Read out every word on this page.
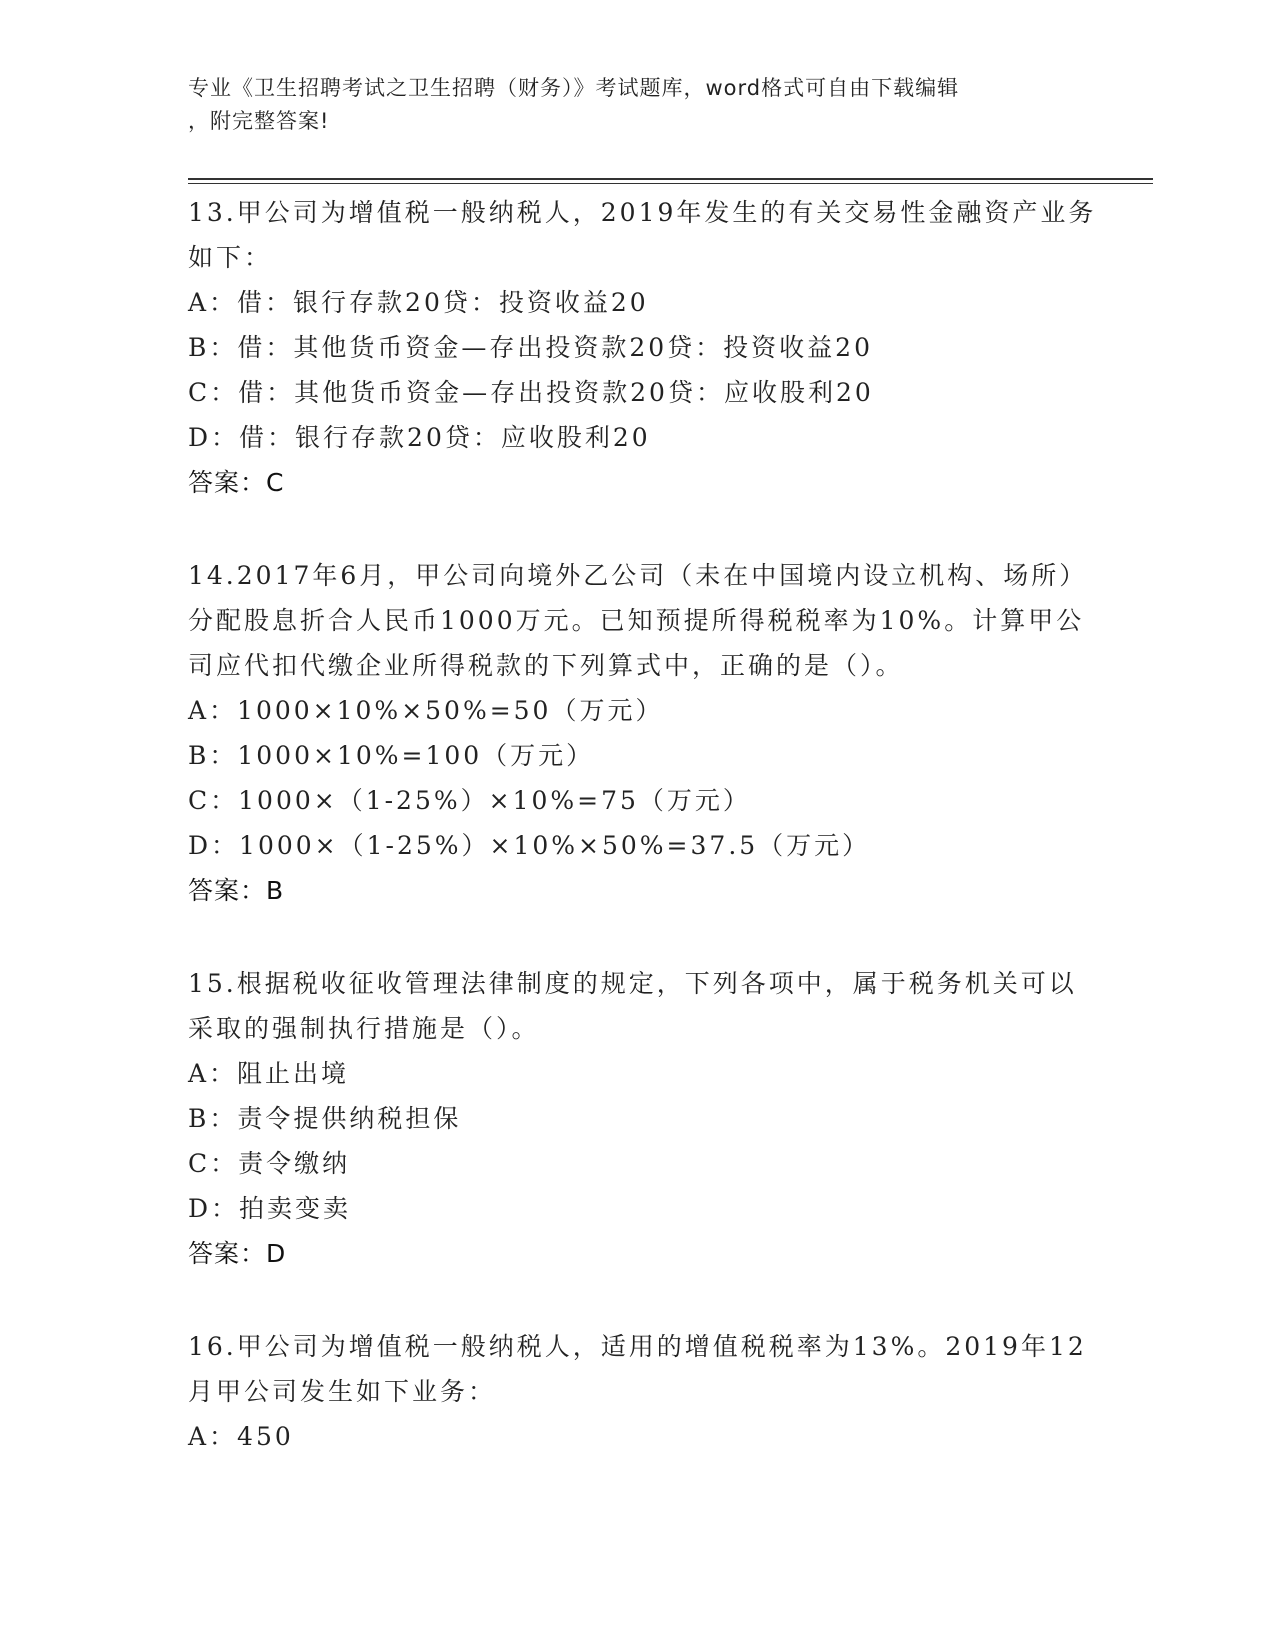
专业《卫生招聘考试之卫生招聘（财务）》考试题库，word格式可自由下载编辑
，附完整答案!

13.甲公司为增值税一般纳税人，2019年发生的有关交易性金融资产业务如下：

A：借：银行存款20贷：投资收益20

B：借：其他货币资金—存出投资款20贷：投资收益20

C：借：其他货币资金—存出投资款20贷：应收股利20

D：借：银行存款20贷：应收股利20

答案：C

14.2017年6月，甲公司向境外乙公司（未在中国境内设立机构、场所）分配股息折合人民币1000万元。已知预提所得税税率为10%。计算甲公司应代扣代缴企业所得税款的下列算式中，正确的是（）。

A：1000×10%×50%=50（万元）

B：1000×10%=100（万元）

C：1000×（1-25%）×10%=75（万元）

D：1000×（1-25%）×10%×50%=37.5（万元）

答案：B

15.根据税收征收管理法律制度的规定，下列各项中，属于税务机关可以采取的强制执行措施是（）。

A：阻止出境

B：责令提供纳税担保

C：责令缴纳

D：拍卖变卖

答案：D

16.甲公司为增值税一般纳税人，适用的增值税税率为13%。2019年12月甲公司发生如下业务：

A：450
